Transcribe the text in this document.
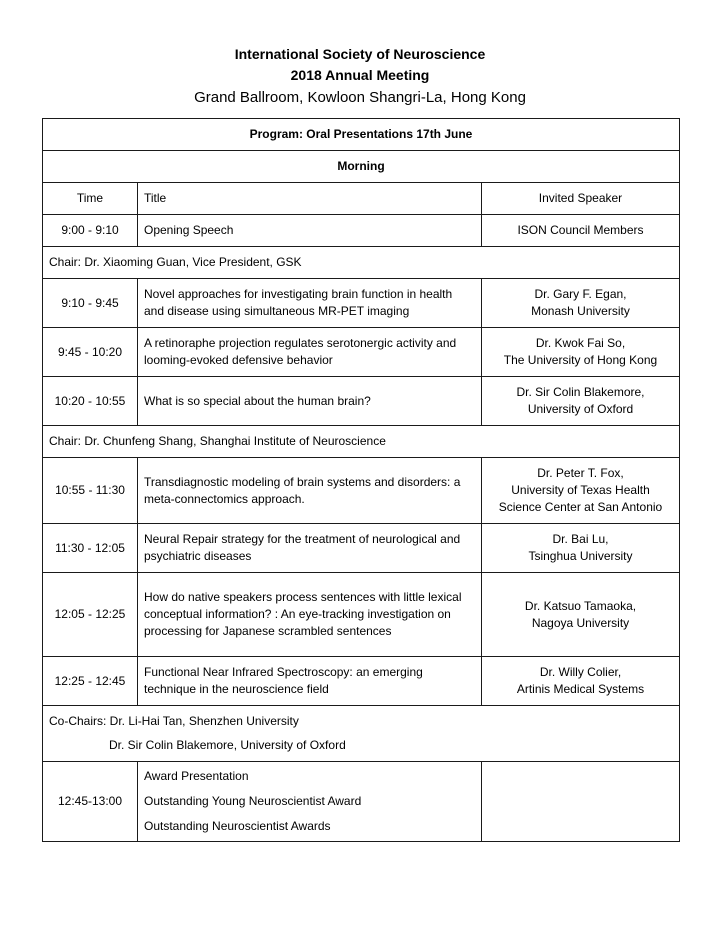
International Society of Neuroscience
2018 Annual Meeting
Grand Ballroom, Kowloon Shangri-La, Hong Kong
Program: Oral Presentations 17th June		
Morning		
Time	Title	Invited Speaker
9:00 - 9:10	Opening Speech	ISON Council Members
Chair: Dr. Xiaoming Guan, Vice President, GSK		
9:10 - 9:45	Novel approaches for investigating brain function in health and disease using simultaneous MR-PET imaging	Dr. Gary F. Egan,
Monash University

9:45 - 10:20	A retinoraphe projection regulates serotonergic activity and looming-evoked defensive behavior	Dr. Kwok Fai So,
The University of Hong Kong

10:20 - 10:55	What is so special about the human brain?	Dr. Sir Colin Blakemore,
University of Oxford

Chair: Dr. Chunfeng Shang, Shanghai Institute of Neuroscience		
10:55 - 11:30	Transdiagnostic modeling of brain systems and disorders: a meta-connectomics approach.	Dr. Peter T. Fox,
University of Texas Health
Science Center at San Antonio

11:30 - 12:05	Neural Repair strategy for the treatment of neurological and psychiatric diseases	Dr. Bai Lu,
Tsinghua University

12:05 - 12:25	How do native speakers process sentences with little lexical conceptual information? : An eye-tracking investigation on processing for Japanese scrambled sentences	Dr. Katsuo Tamaoka,
Nagoya University

12:25 - 12:45	Functional Near Infrared Spectroscopy: an emerging technique in the neuroscience field	Dr. Willy Colier,
Artinis Medical Systems

Co-Chairs: Dr. Li-Hai Tan, Shenzhen University
Dr. Sir Colin Blakemore, University of Oxford		

12:45-13:00	Award Presentation
Outstanding Young Neuroscientist Award
Outstanding Neuroscientist Awards	
